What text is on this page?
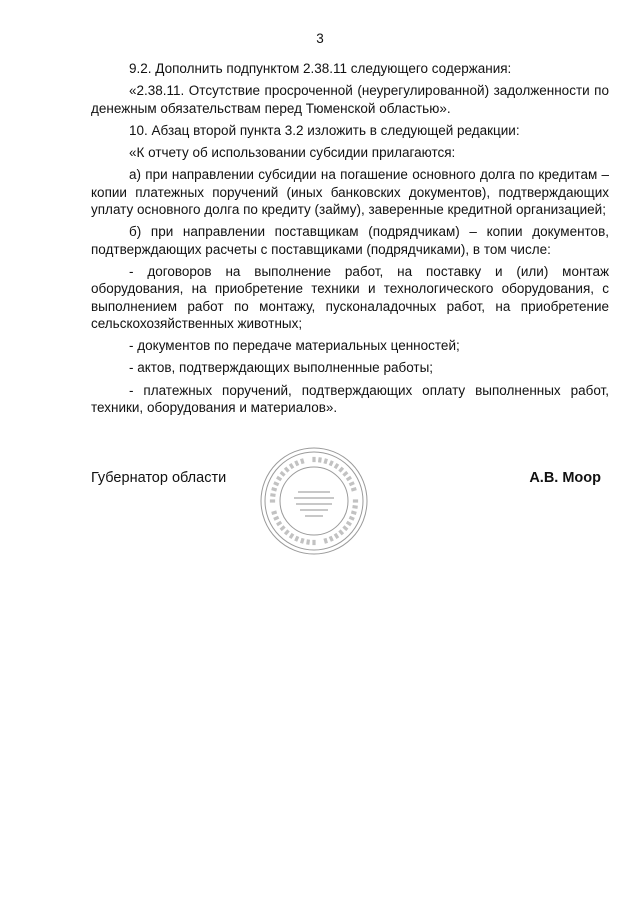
3

9.2. Дополнить подпунктом 2.38.11 следующего содержания:

«2.38.11. Отсутствие просроченной (неурегулированной) задолженности по денежным обязательствам перед Тюменской областью».

10. Абзац второй пункта 3.2 изложить в следующей редакции:

«К отчету об использовании субсидии прилагаются:

а) при направлении субсидии на погашение основного долга по кредитам – копии платежных поручений (иных банковских документов), подтверждающих уплату основного долга по кредиту (займу), заверенные кредитной организацией;

б) при направлении поставщикам (подрядчикам) – копии документов, подтверждающих расчеты с поставщиками (подрядчиками), в том числе:

- договоров на выполнение работ, на поставку и (или) монтаж оборудования, на приобретение техники и технологического оборудования, с выполнением работ по монтажу, пусконаладочных работ, на приобретение сельскохозяйственных животных;

- документов по передаче материальных ценностей;

- актов, подтверждающих выполненные работы;

- платежных поручений, подтверждающих оплату выполненных работ, техники, оборудования и материалов».

Губернатор области	А.В. Моор
